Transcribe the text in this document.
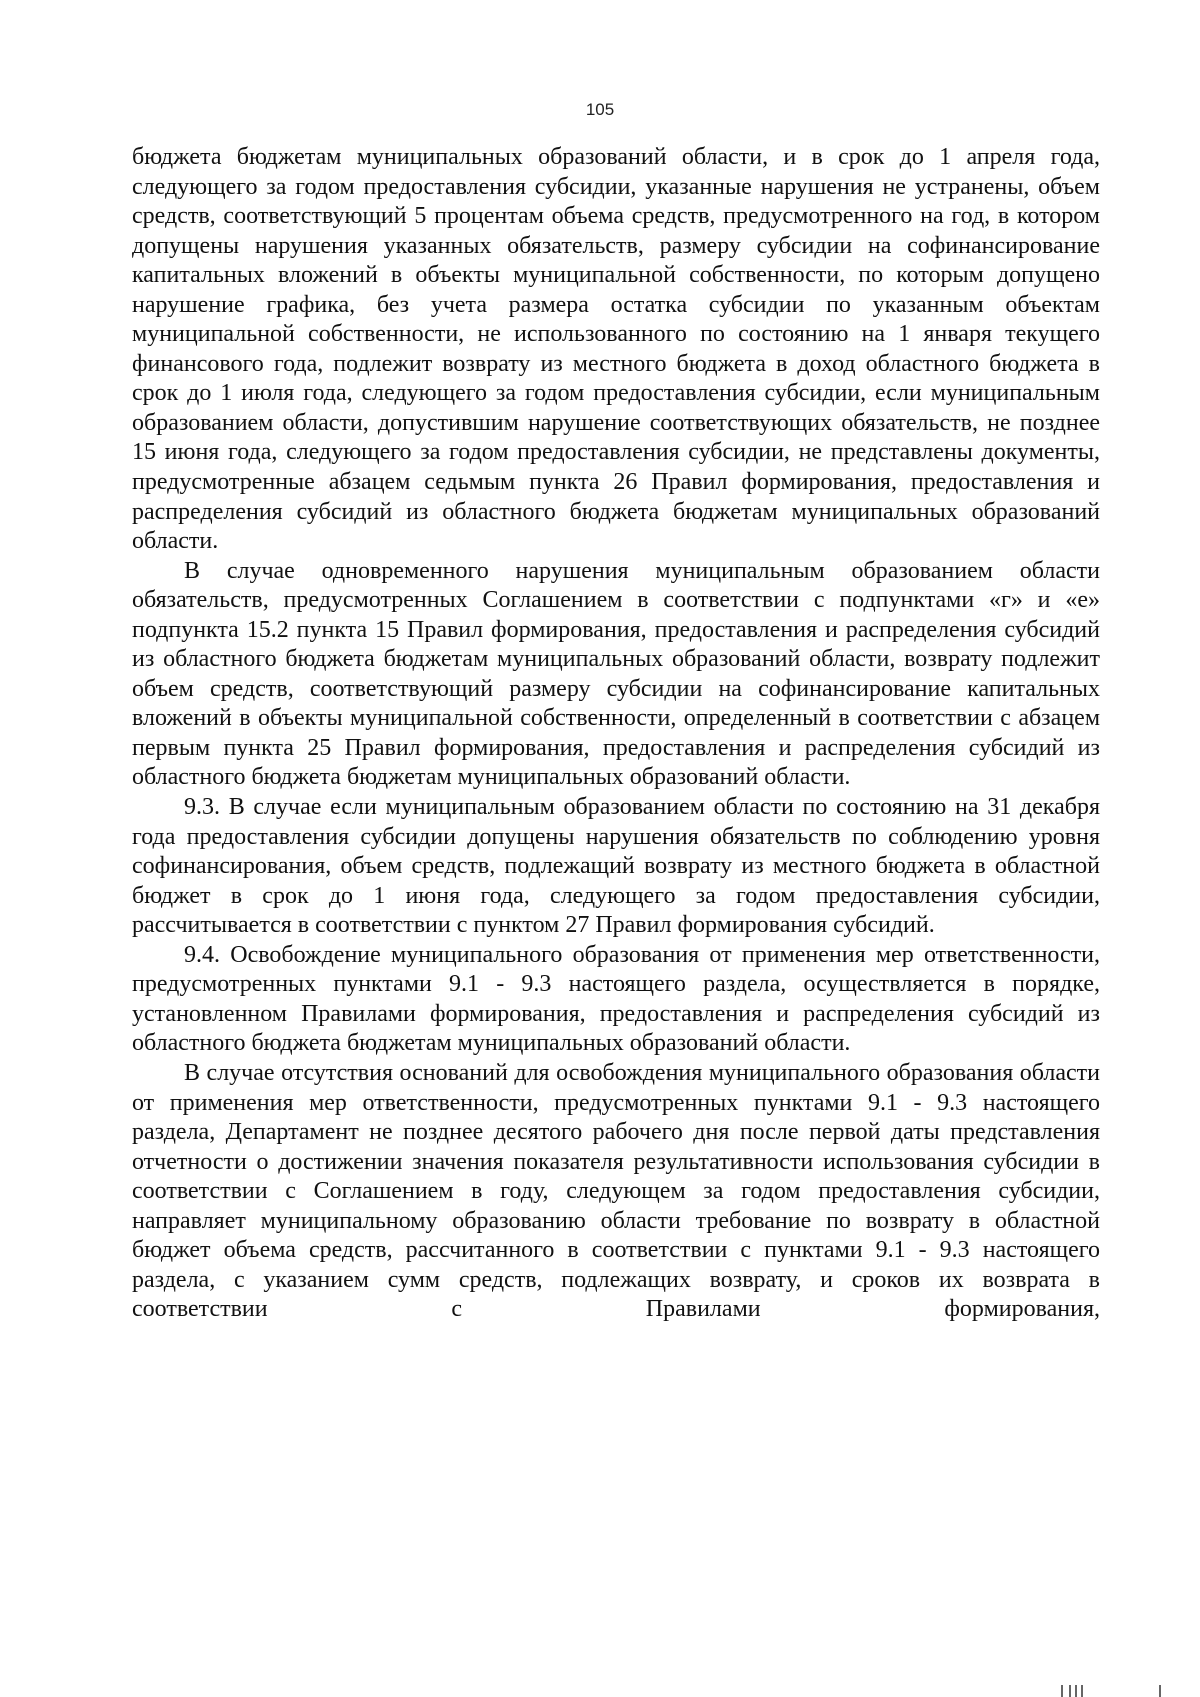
105

бюджета бюджетам муниципальных образований области, и в срок до 1 апреля года, следующего за годом предоставления субсидии, указанные нарушения не устранены, объем средств, соответствующий 5 процентам объема средств, предусмотренного на год, в котором допущены нарушения указанных обязательств, размеру субсидии на софинансирование капитальных вложений в объекты муниципальной собственности, по которым допущено нарушение графика, без учета размера остатка субсидии по указанным объектам муниципальной собственности, не использованного по состоянию на 1 января текущего финансового года, подлежит возврату из местного бюджета в доход областного бюджета в срок до 1 июля года, следующего за годом предоставления субсидии, если муниципальным образованием области, допустившим нарушение соответствующих обязательств, не позднее 15 июня года, следующего за годом предоставления субсидии, не представлены документы, предусмотренные абзацем седьмым пункта 26 Правил формирования, предоставления и распределения субсидий из областного бюджета бюджетам муниципальных образований области.

В случае одновременного нарушения муниципальным образованием области обязательств, предусмотренных Соглашением в соответствии с подпунктами «г» и «е» подпункта 15.2 пункта 15 Правил формирования, предоставления и распределения субсидий из областного бюджета бюджетам муниципальных образований области, возврату подлежит объем средств, соответствующий размеру субсидии на софинансирование капитальных вложений в объекты муниципальной собственности, определенный в соответствии с абзацем первым пункта 25 Правил формирования, предоставления и распределения субсидий из областного бюджета бюджетам муниципальных образований области.

9.3. В случае если муниципальным образованием области по состоянию на 31 декабря года предоставления субсидии допущены нарушения обязательств по соблюдению уровня софинансирования, объем средств, подлежащий возврату из местного бюджета в областной бюджет в срок до 1 июня года, следующего за годом предоставления субсидии, рассчитывается в соответствии с пунктом 27 Правил формирования субсидий.

9.4. Освобождение муниципального образования от применения мер ответственности, предусмотренных пунктами 9.1 - 9.3 настоящего раздела, осуществляется в порядке, установленном Правилами формирования, предоставления и распределения субсидий из областного бюджета бюджетам муниципальных образований области.

В случае отсутствия оснований для освобождения муниципального образования области от применения мер ответственности, предусмотренных пунктами 9.1 - 9.3 настоящего раздела, Департамент не позднее десятого рабочего дня после первой даты представления отчетности о достижении значения показателя результативности использования субсидии в соответствии с Соглашением в году, следующем за годом предоставления субсидии, направляет муниципальному образованию области требование по возврату в областной бюджет объема средств, рассчитанного в соответствии с пунктами 9.1 - 9.3 настоящего раздела, с указанием сумм средств, подлежащих возврату, и сроков их возврата в соответствии с Правилами формирования,
